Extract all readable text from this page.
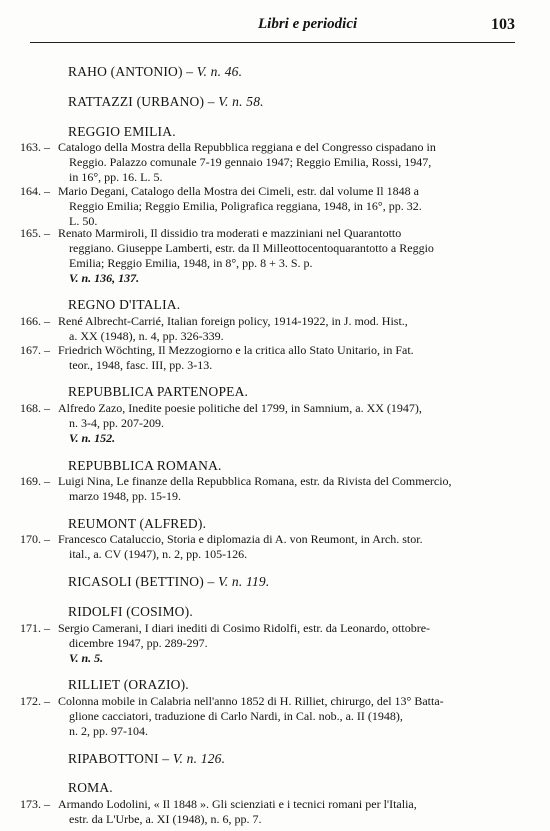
Libri e periodici	103
RAHO (ANTONIO) – V. n. 46.
RATTAZZI (URBANO) – V. n. 58.
REGGIO EMILIA.
163. –	Catalogo della Mostra della Repubblica reggiana e del Congresso cispadano in
Reggio. Palazzo comunale 7-19 gennaio 1947; Reggio Emilia, Rossi, 1947,
in 16°, pp. 16. L. 5.
164. –	Mario Degani, Catalogo della Mostra dei Cimeli, estr. dal volume Il 1848 a
Reggio Emilia; Reggio Emilia, Poligrafica reggiana, 1948, in 16°, pp. 32.
L. 50.
165. –	Renato Marmiroli, Il dissidio tra moderati e mazziniani nel Quarantotto
reggiano. Giuseppe Lamberti, estr. da Il Milleottocentoquarantotto a Reggio
Emilia; Reggio Emilia, 1948, in 8°, pp. 8 + 3. S. p.
V. n. 136, 137.
REGNO D'ITALIA.
166. –	René Albrecht-Carrié, Italian foreign policy, 1914-1922, in J. mod. Hist.,
a. XX (1948), n. 4, pp. 326-339.
167. –	Friedrich Wöchting, Il Mezzogiorno e la critica allo Stato Unitario, in Fat.
teor., 1948, fasc. III, pp. 3-13.
REPUBBLICA PARTENOPEA.
168. –	Alfredo Zazo, Inedite poesie politiche del 1799, in Samnium, a. XX (1947),
n. 3-4, pp. 207-209.
V. n. 152.
REPUBBLICA ROMANA.
169. –	Luigi Nina, Le finanze della Repubblica Romana, estr. da Rivista del Commercio,
marzo 1948, pp. 15-19.
REUMONT (ALFRED).
170. –	Francesco Cataluccio, Storia e diplomazia di A. von Reumont, in Arch. stor.
ital., a. CV (1947), n. 2, pp. 105-126.
RICASOLI (BETTINO) – V. n. 119.
RIDOLFI (COSIMO).
171. –	Sergio Camerani, I diari inediti di Cosimo Ridolfi, estr. da Leonardo, ottobre-
dicembre 1947, pp. 289-297.
V. n. 5.
RILLIET (ORAZIO).
172. –	Colonna mobile in Calabria nell'anno 1852 di H. Rilliet, chirurgo, del 13° Batta-
glione cacciatori, traduzione di Carlo Nardi, in Cal. nob., a. II (1948),
n. 2, pp. 97-104.
RIPABOTTONI – V. n. 126.
ROMA.
173. –	Armando Lodolini, « Il 1848 ». Gli scienziati e i tecnici romani per l'Italia,
estr. da L'Urbe, a. XI (1948), n. 6, pp. 7.
